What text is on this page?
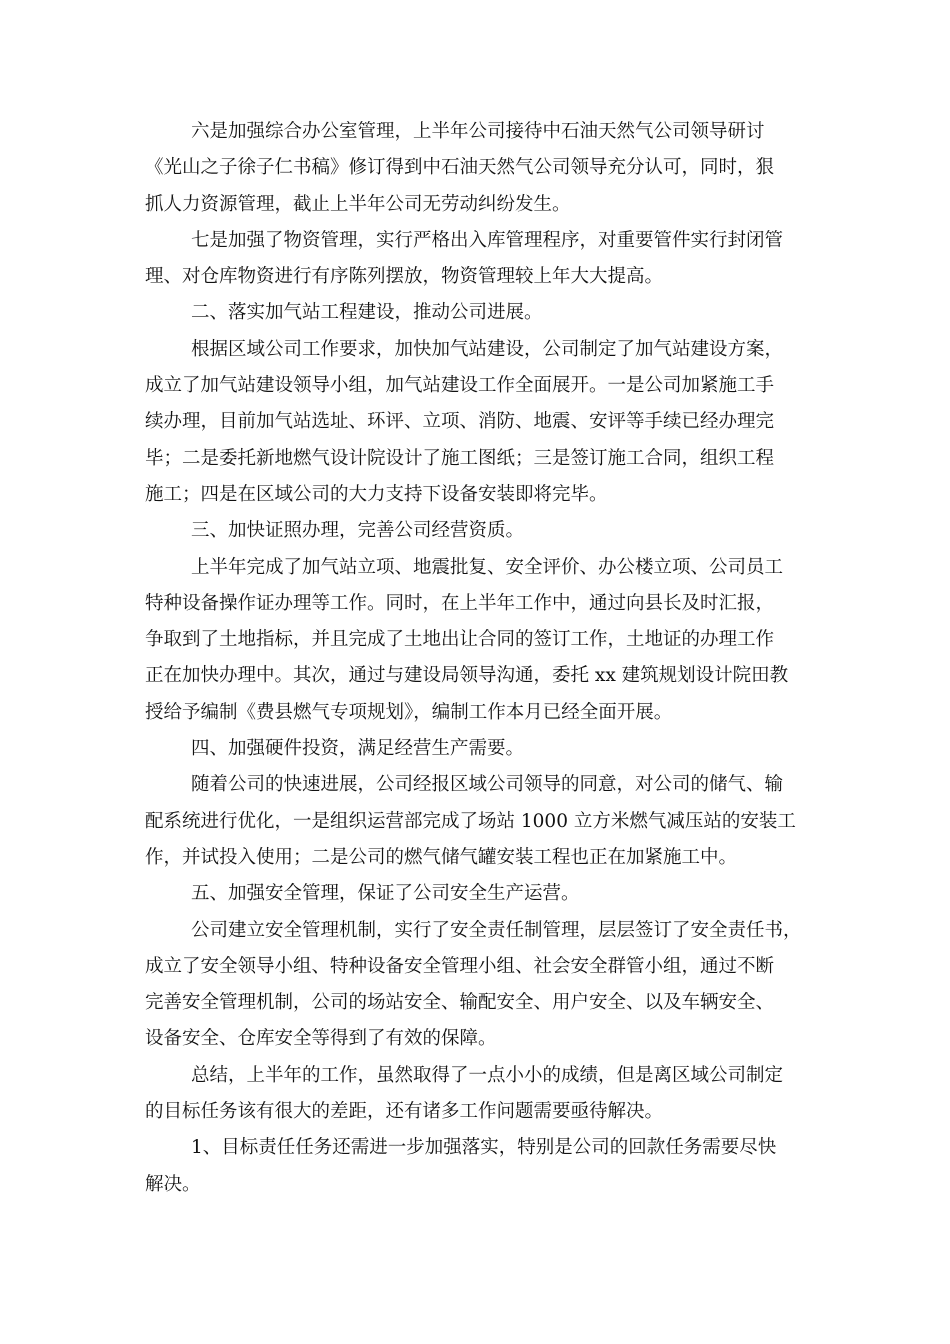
六是加强综合办公室管理，上半年公司接待中石油天然气公司领导研讨
《光山之子徐子仁书稿》修订得到中石油天然气公司领导充分认可，同时，狠
抓人力资源管理，截止上半年公司无劳动纠纷发生。
七是加强了物资管理，实行严格出入库管理程序，对重要管件实行封闭管
理、对仓库物资进行有序陈列摆放，物资管理较上年大大提高。
二、落实加气站工程建设，推动公司进展。
根据区域公司工作要求，加快加气站建设，公司制定了加气站建设方案，
成立了加气站建设领导小组，加气站建设工作全面展开。一是公司加紧施工手
续办理，目前加气站选址、环评、立项、消防、地震、安评等手续已经办理完
毕；二是委托新地燃气设计院设计了施工图纸；三是签订施工合同，组织工程
施工；四是在区域公司的大力支持下设备安装即将完毕。
三、加快证照办理，完善公司经营资质。
上半年完成了加气站立项、地震批复、安全评价、办公楼立项、公司员工
特种设备操作证办理等工作。同时，在上半年工作中，通过向县长及时汇报，
争取到了土地指标，并且完成了土地出让合同的签订工作，土地证的办理工作
正在加快办理中。其次，通过与建设局领导沟通，委托 xx 建筑规划设计院田教
授给予编制《费县燃气专项规划》，编制工作本月已经全面开展。
四、加强硬件投资，满足经营生产需要。
随着公司的快速进展，公司经报区域公司领导的同意，对公司的储气、输
配系统进行优化，一是组织运营部完成了场站 1000 立方米燃气减压站的安装工
作，并试投入使用；二是公司的燃气储气罐安装工程也正在加紧施工中。
五、加强安全管理，保证了公司安全生产运营。
公司建立安全管理机制，实行了安全责任制管理，层层签订了安全责任书，
成立了安全领导小组、特种设备安全管理小组、社会安全群管小组，通过不断
完善安全管理机制，公司的场站安全、输配安全、用户安全、以及车辆安全、
设备安全、仓库安全等得到了有效的保障。
总结，上半年的工作，虽然取得了一点小小的成绩，但是离区域公司制定
的目标任务该有很大的差距，还有诸多工作问题需要亟待解决。
1、目标责任任务还需进一步加强落实，特别是公司的回款任务需要尽快
解决。
